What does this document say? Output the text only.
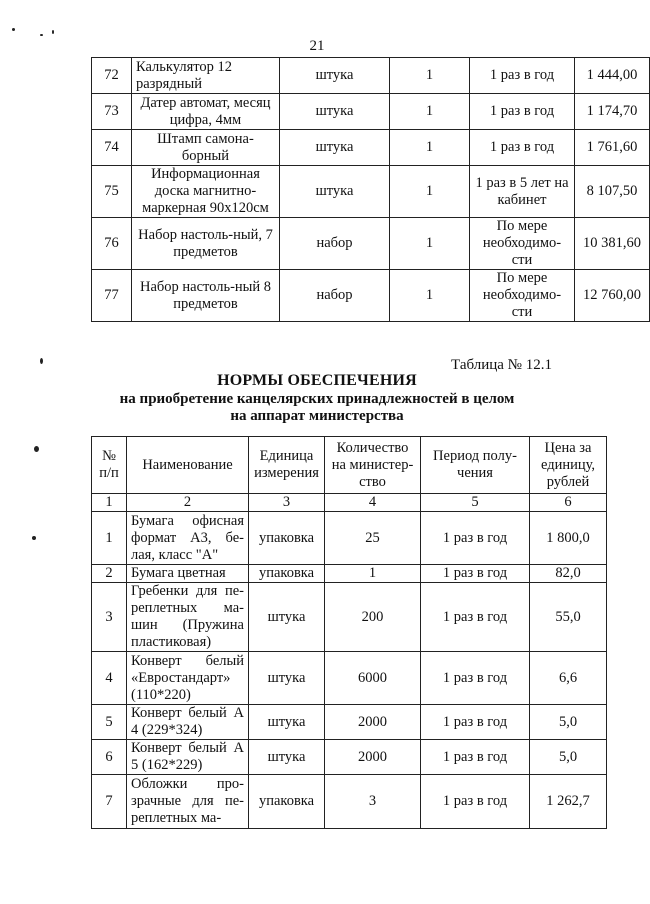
21
72	Калькулятор 12 разрядный	штука	1	1 раз в год	1 444,00
73	Датер автомат, месяц цифра, 4мм	штука	1	1 раз в год	1 174,70
74	Штамп самона-борный	штука	1	1 раз в год	1 761,60
75	Информационная доска магнитно-маркерная 90х120см	штука	1	1 раз в 5 лет на кабинет	8 107,50
76	Набор настоль-ный, 7 предметов	набор	1	По мере необходимо-сти	10 381,60
77	Набор настоль-ный 8 предметов	набор	1	По мере необходимо-сти	12 760,00
Таблица № 12.1
НОРМЫ ОБЕСПЕЧЕНИЯ
на приобретение канцелярских принадлежностей в целом
на аппарат министерства
№ п/п	Наименование	Единица измерения	Количество на министер-ство	Период полу-чения	Цена за единицу, рублей
1	2	3	4	5	6
1	Бумага офисная формат А3, бе-лая, класс "А"	упаковка	25	1 раз в год	1 800,0
2	Бумага цветная	упаковка	1	1 раз в год	82,0
3	Гребенки для пе-реплетных ма-шин (Пружина пластиковая)	штука	200	1 раз в год	55,0
4	Конверт белый «Евростандарт» (110*220)	штука	6000	1 раз в год	6,6
5	Конверт белый А 4 (229*324)	штука	2000	1 раз в год	5,0
6	Конверт белый А 5 (162*229)	штука	2000	1 раз в год	5,0
7	Обложки про-зрачные для пе-реплетных ма-	упаковка	3	1 раз в год	1 262,7
